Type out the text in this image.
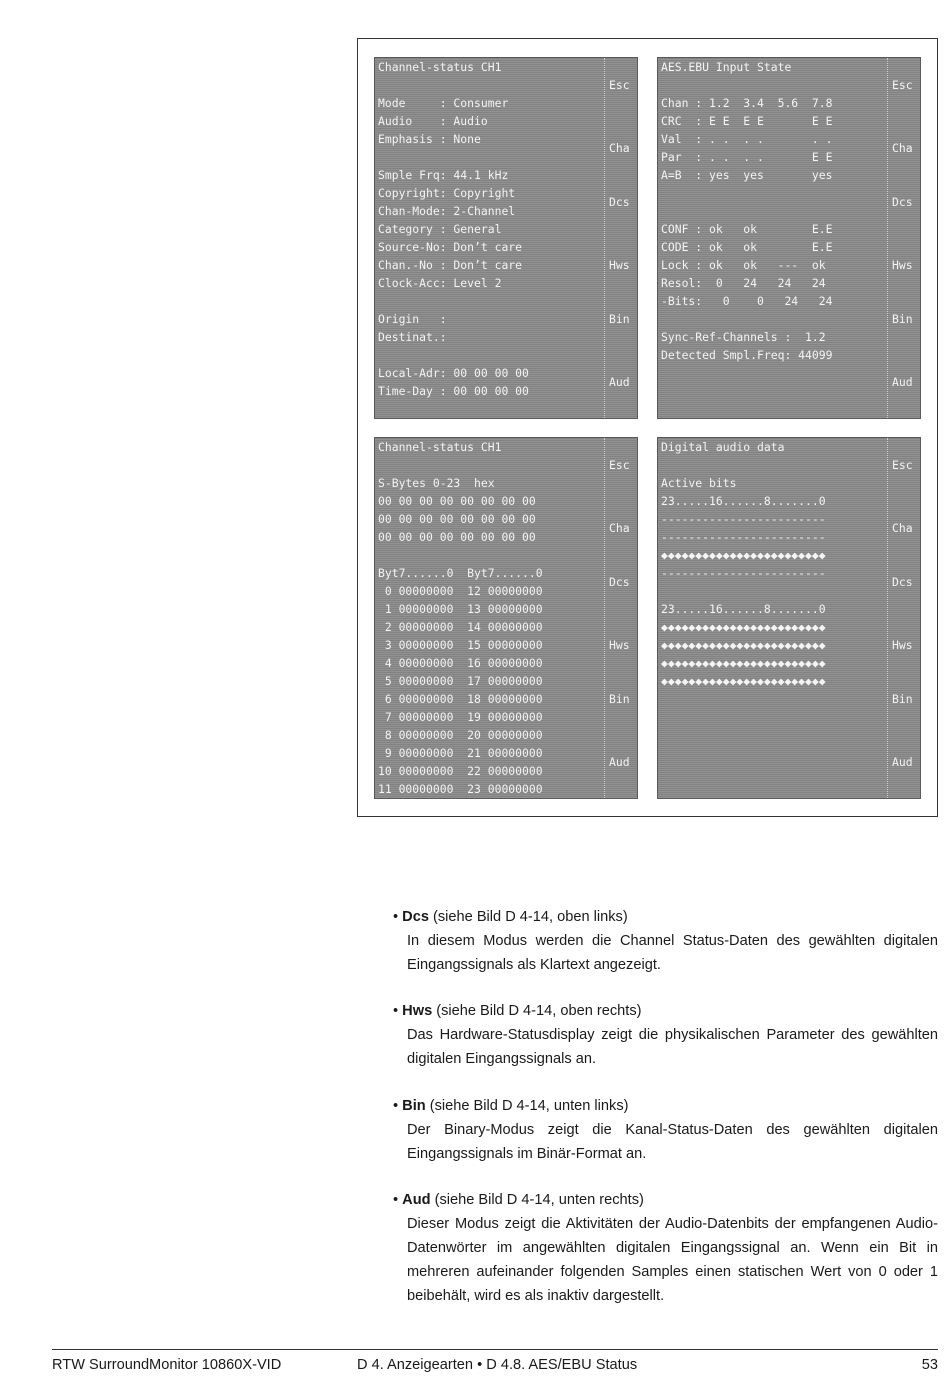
Channel-status CH1
Mode     : Consumer
Audio    : Audio
Emphasis : None
Smple Frq: 44.1 kHz
Copyright: Copyright
Chan-Mode: 2-Channel
Category : General
Source-No: Don’t care
Chan.-No : Don’t care
Clock-Acc: Level 2
Origin   :
Destinat.:
Local-Adr: 00 00 00 00
Time-Day : 00 00 00 00
Esc
Cha
Dcs
Hws
Bin
Aud
AES.EBU Input State
Chan : 1.2  3.4  5.6  7.8
CRC  : E E  E E       E E
Val  : . .  . .       . .
Par  : . .  . .       E E
A=B  : yes  yes       yes
CONF : ok   ok        E.E
CODE : ok   ok        E.E
Lock : ok   ok   ---  ok
Resol:  0   24   24   24
-Bits:   0    0   24   24
Sync-Ref-Channels :  1.2
Detected Smpl.Freq: 44099
Esc
Cha
Dcs
Hws
Bin
Aud
Channel-status CH1
S-Bytes 0-23  hex
00 00 00 00 00 00 00 00
00 00 00 00 00 00 00 00
00 00 00 00 00 00 00 00
Byt7......0  Byt7......0
0 00000000  12 00000000
1 00000000  13 00000000
2 00000000  14 00000000
3 00000000  15 00000000
4 00000000  16 00000000
5 00000000  17 00000000
6 00000000  18 00000000
7 00000000  19 00000000
8 00000000  20 00000000
9 00000000  21 00000000
10 00000000  22 00000000
11 00000000  23 00000000
Esc
Cha
Dcs
Hws
Bin
Aud
Digital audio data
Active bits
23.....16......8.......0
------------------------
------------------------
◆◆◆◆◆◆◆◆◆◆◆◆◆◆◆◆◆◆◆◆◆◆◆◆
------------------------
23.....16......8.......0
◆◆◆◆◆◆◆◆◆◆◆◆◆◆◆◆◆◆◆◆◆◆◆◆
◆◆◆◆◆◆◆◆◆◆◆◆◆◆◆◆◆◆◆◆◆◆◆◆
◆◆◆◆◆◆◆◆◆◆◆◆◆◆◆◆◆◆◆◆◆◆◆◆
◆◆◆◆◆◆◆◆◆◆◆◆◆◆◆◆◆◆◆◆◆◆◆◆
Esc
Cha
Dcs
Hws
Bin
Aud
• Dcs (siehe Bild D 4-14, oben links)
In diesem Modus werden die Channel Status-Daten des gewählten digitalen Eingangssignals als Klartext angezeigt.
• Hws (siehe Bild D 4-14, oben rechts)
Das Hardware-Statusdisplay zeigt die physikalischen Parameter des gewählten digitalen Eingangssignals an.
• Bin (siehe Bild D 4-14, unten links)
Der Binary-Modus zeigt die Kanal-Status-Daten des gewählten digitalen Eingangssignals im Binär-Format an.
• Aud (siehe Bild D 4-14, unten rechts)
Dieser Modus zeigt die Aktivitäten der Audio-Datenbits der empfangenen Audio-Datenwörter im angewählten digitalen Eingangssignal an. Wenn ein Bit in mehreren aufeinander folgenden Samples einen statischen Wert von 0 oder 1 beibehält, wird es als inaktiv dargestellt.
RTW SurroundMonitor 10860X-VID	D 4. Anzeigearten • D 4.8. AES/EBU Status	53
